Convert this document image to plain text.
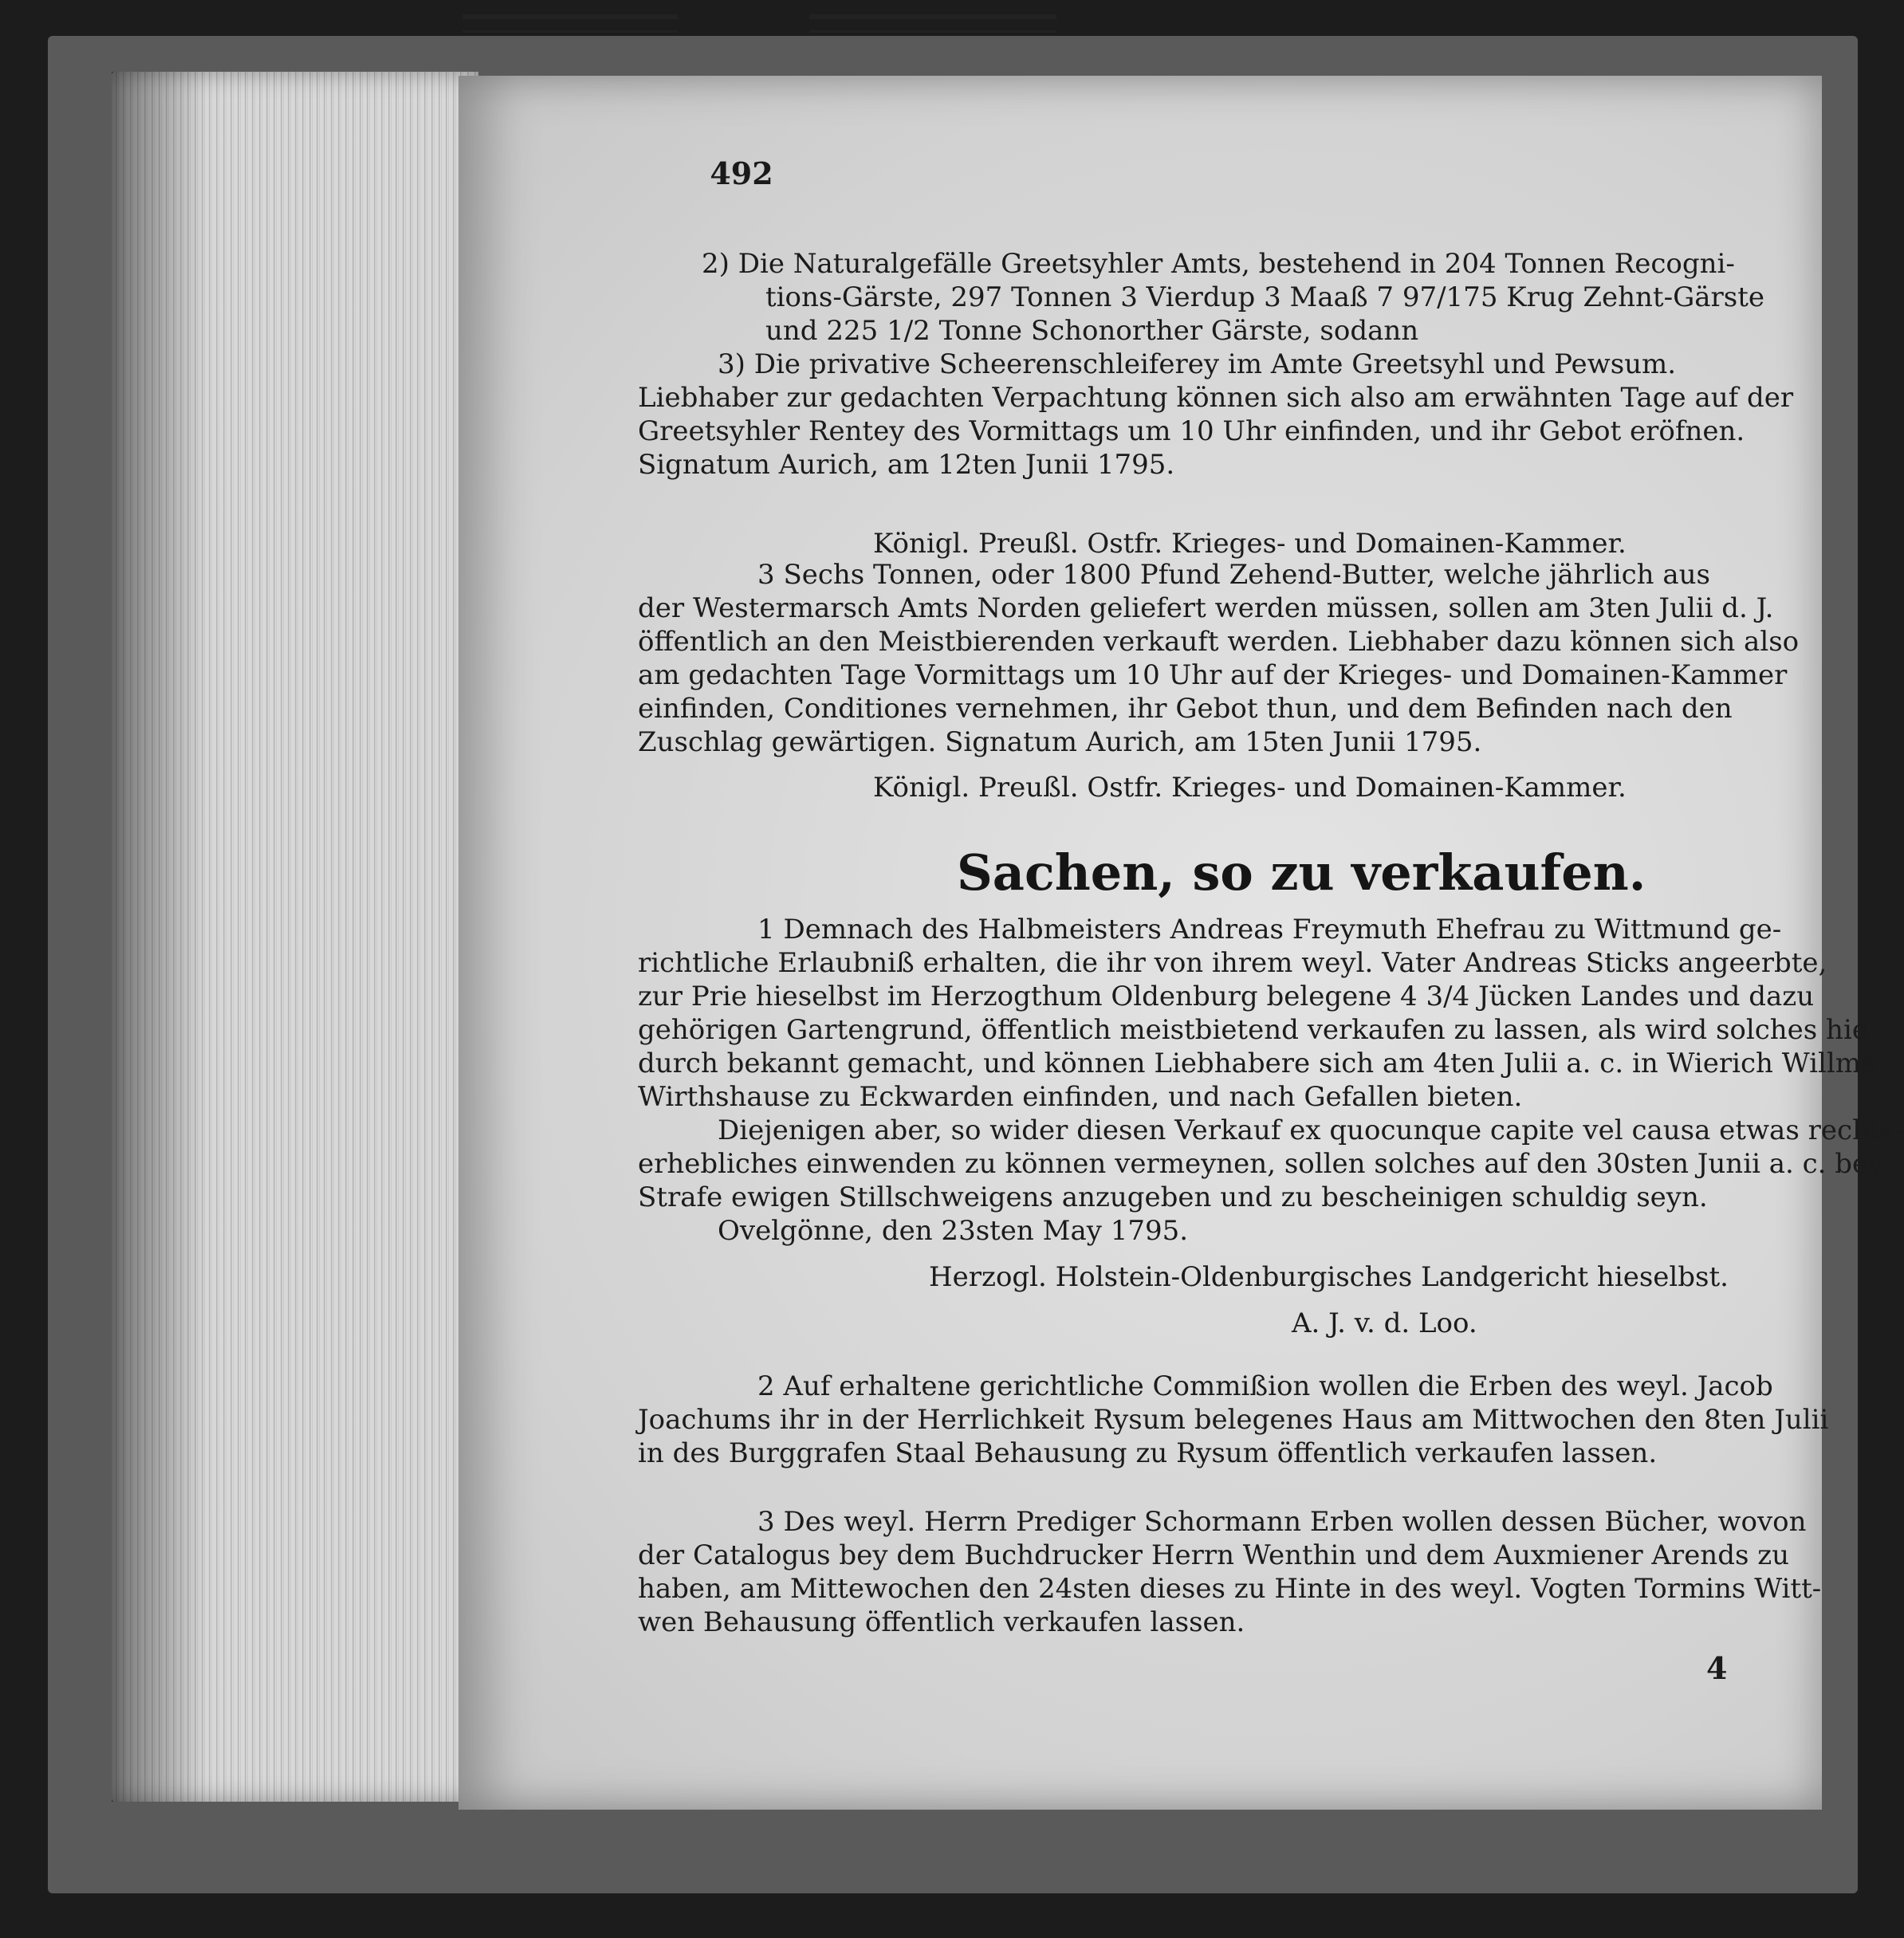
492
2) Die Naturalgefälle Greetsyhler Amts, bestehend in 204 Tonnen Recogni-
tions-Gärste, 297 Tonnen 3 Vierdup 3 Maaß 7 97/175 Krug Zehnt-Gärste
und 225 1/2 Tonne Schonorther Gärste, sodann
3) Die privative Scheerenschleiferey im Amte Greetsyhl und Pewsum.
Liebhaber zur gedachten Verpachtung können sich also am erwähnten Tage auf der
Greetsyhler Rentey des Vormittags um 10 Uhr einfinden, und ihr Gebot eröfnen.
Signatum Aurich, am 12ten Junii 1795.
Königl. Preußl. Ostfr. Krieges- und Domainen-Kammer.
3 Sechs Tonnen, oder 1800 Pfund Zehend-Butter, welche jährlich aus
der Westermarsch Amts Norden geliefert werden müssen, sollen am 3ten Julii d. J.
öffentlich an den Meistbierenden verkauft werden. Liebhaber dazu können sich also
am gedachten Tage Vormittags um 10 Uhr auf der Krieges- und Domainen-Kammer
einfinden, Conditiones vernehmen, ihr Gebot thun, und dem Befinden nach den
Zuschlag gewärtigen. Signatum Aurich, am 15ten Junii 1795.
Königl. Preußl. Ostfr. Krieges- und Domainen-Kammer.
Sachen, so zu verkaufen.
1 Demnach des Halbmeisters Andreas Freymuth Ehefrau zu Wittmund ge-
richtliche Erlaubniß erhalten, die ihr von ihrem weyl. Vater Andreas Sticks angeerbte,
zur Prie hieselbst im Herzogthum Oldenburg belegene 4 3/4 Jücken Landes und dazu
gehörigen Gartengrund, öffentlich meistbietend verkaufen zu lassen, als wird solches hie-
durch bekannt gemacht, und können Liebhabere sich am 4ten Julii a. c. in Wierich Willms
Wirthshause zu Eckwarden einfinden, und nach Gefallen bieten.
Diejenigen aber, so wider diesen Verkauf ex quocunque capite vel causa etwas rechts-
erhebliches einwenden zu können vermeynen, sollen solches auf den 30sten Junii a. c. bey
Strafe ewigen Stillschweigens anzugeben und zu bescheinigen schuldig seyn.
Ovelgönne, den 23sten May 1795.
Herzogl. Holstein-Oldenburgisches Landgericht hieselbst.
A. J. v. d. Loo.
2 Auf erhaltene gerichtliche Commißion wollen die Erben des weyl. Jacob
Joachums ihr in der Herrlichkeit Rysum belegenes Haus am Mittwochen den 8ten Julii
in des Burggrafen Staal Behausung zu Rysum öffentlich verkaufen lassen.
3 Des weyl. Herrn Prediger Schormann Erben wollen dessen Bücher, wovon
der Catalogus bey dem Buchdrucker Herrn Wenthin und dem Auxmiener Arends zu
haben, am Mittewochen den 24sten dieses zu Hinte in des weyl. Vogten Tormins Witt-
wen Behausung öffentlich verkaufen lassen.
4
